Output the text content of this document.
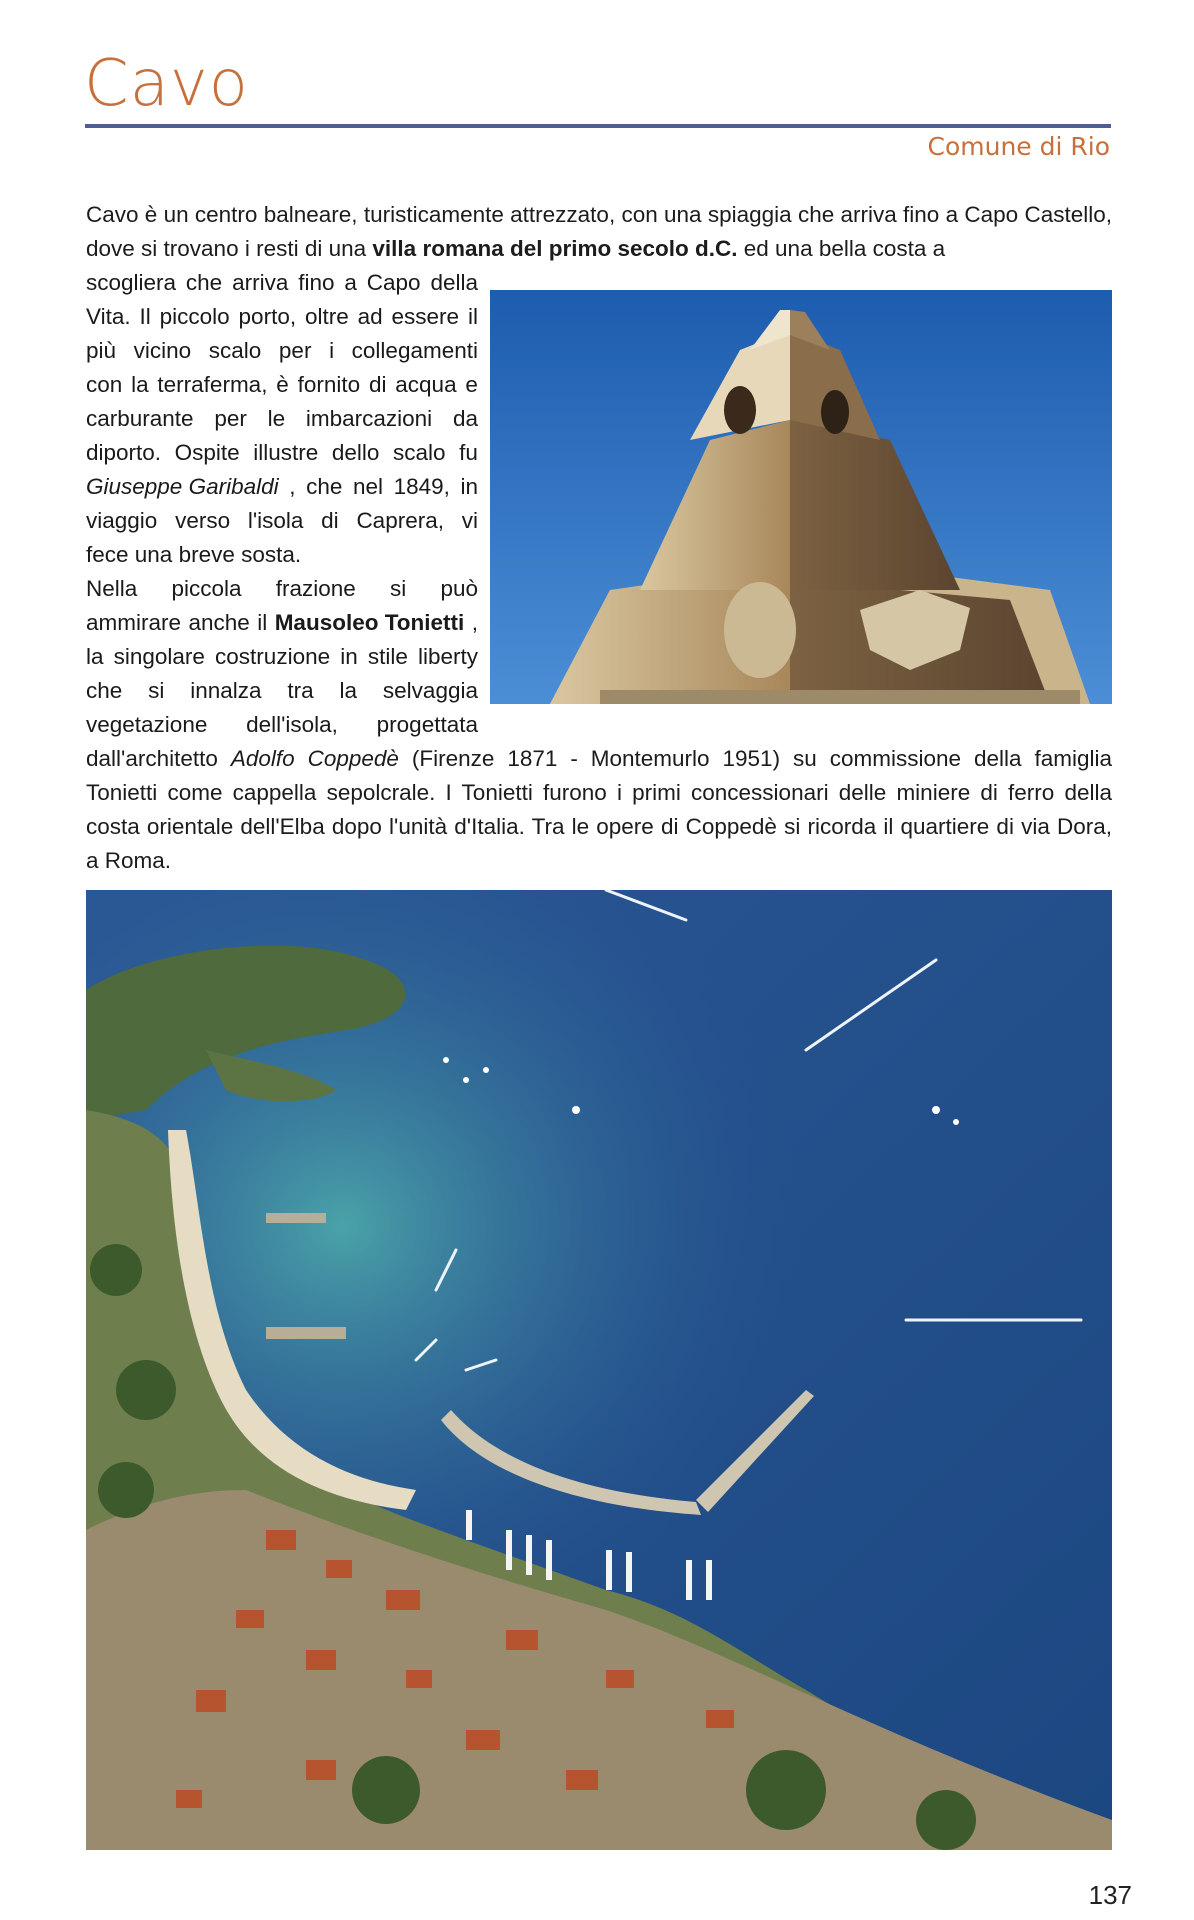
Cavo
Comune di Rio
Cavo è un centro balneare, turisticamente attrezzato, con una spiaggia che arriva fino a Capo Castello, dove si trovano i resti di una villa romana del primo secolo d.C. ed una bella costa a
scogliera che arriva fino a Capo della
Vita. Il piccolo porto, oltre ad essere il
più vicino scalo per i collegamenti
con la terraferma, è fornito di acqua e
carburante per le imbarcazioni da
diporto. Ospite illustre dello scalo fu
Giuseppe Garibaldi , che nel 1849, in
viaggio verso l'isola di Caprera, vi
fece una breve sosta.
Nella piccola frazione si può
ammirare anche il Mausoleo Tonietti ,
la singolare costruzione in stile liberty
che si innalza tra la selvaggia
vegetazione dell'isola, progettata
dall'architetto Adolfo Coppedè (Firenze 1871 - Montemurlo 1951) su commissione della famiglia Tonietti come cappella sepolcrale. I Tonietti furono i primi concessionari delle miniere di ferro della costa orientale dell'Elba dopo l'unità d'Italia. Tra le opere di Coppedè si ricorda il quartiere di via Dora, a Roma.
137
